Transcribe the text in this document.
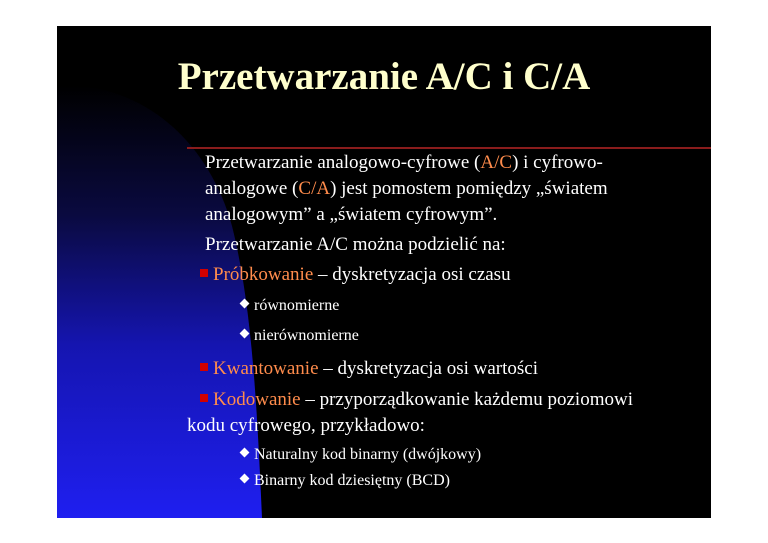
Przetwarzanie A/C i C/A
Przetwarzanie analogowo-cyfrowe (A/C) i cyfrowo-
analogowe (C/A) jest pomostem pomiędzy „światem
analogowym” a „światem cyfrowym”.
Przetwarzanie A/C można podzielić na:
Próbkowanie – dyskretyzacja osi czasu
równomierne
nierównomierne
Kwantowanie – dyskretyzacja osi wartości
Kodowanie – przyporządkowanie każdemu poziomowi
kodu cyfrowego, przykładowo:
Naturalny kod binarny (dwójkowy)
Binarny kod dziesiętny (BCD)
